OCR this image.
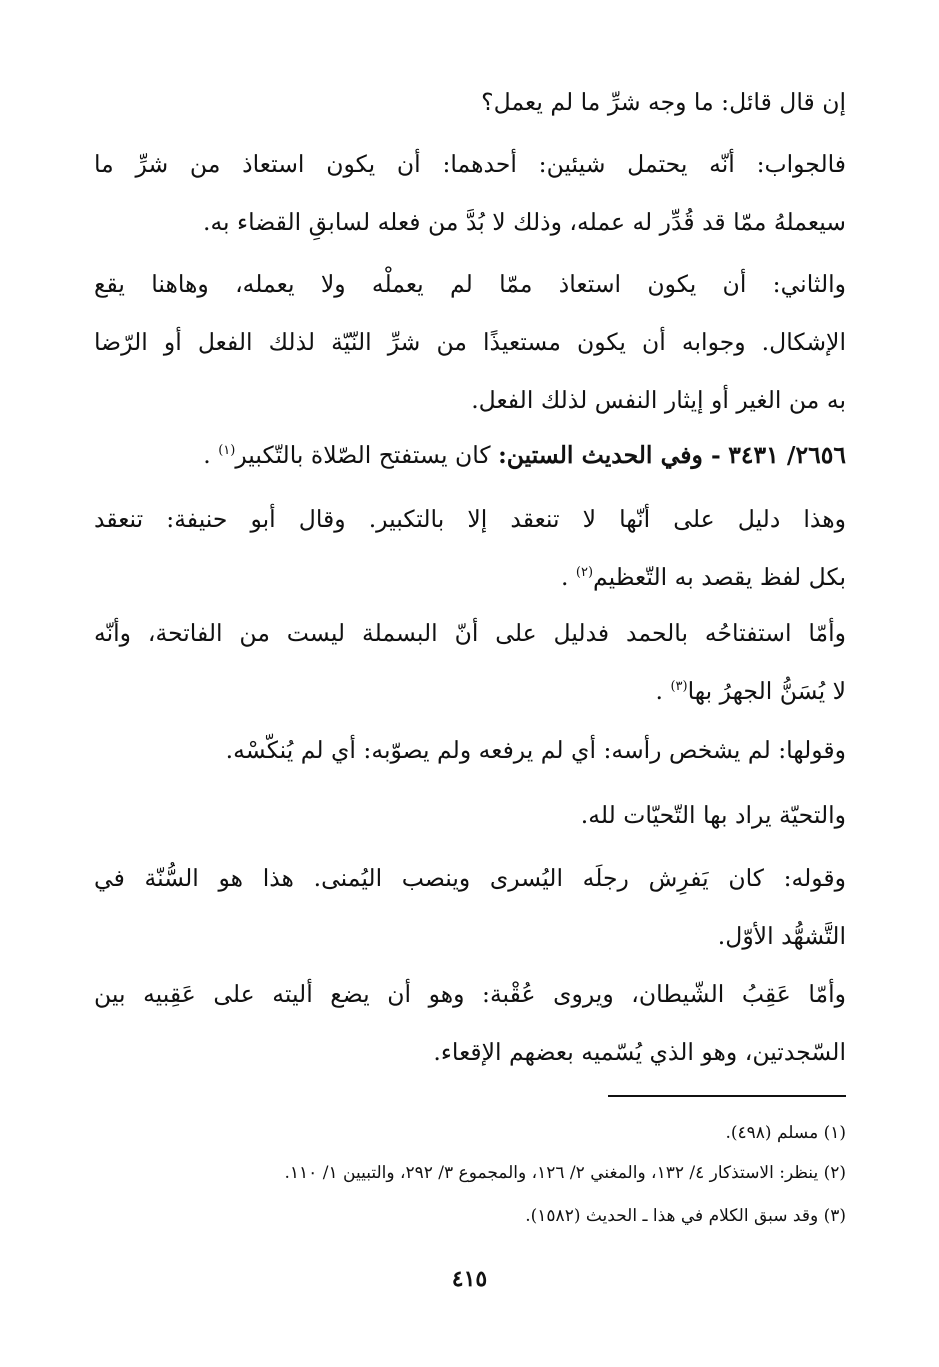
إن قال قائل: ما وجه شرِّ ما لم يعمل؟

فالجواب: أنّه يحتمل شيئين: أحدهما: أن يكون استعاذ من شرِّ ما
سيعملهُ ممّا قد قُدِّر له عمله، وذلك لا بُدَّ من فعله لسابقِ القضاء به.

والثاني: أن يكون استعاذ ممّا لم يعملْه ولا يعمله، وهاهنا يقع
الإشكال. وجوابه أن يكون مستعيذًا من شرِّ النّيّة لذلك الفعل أو الرّضا
به من الغير أو إيثار النفس لذلك الفعل.

٢٦٥٦/ ٣٤٣١ - وفي الحديث الستين: كان يستفتح الصّلاة بالتّكبير$^{(١)}$ .

وهذا دليل على أنّها لا تنعقد إلا بالتكبير. وقال أبو حنيفة: تنعقد
بكل لفظ يقصد به التّعظيم$^{(٢)}$ .

وأمّا استفتاحُه بالحمد فدليل على أنّ البسملة ليست من الفاتحة، وأنّه
لا يُسَنُّ الجهرُ بها$^{(٣)}$ .

وقولها: لم يشخص رأسه: أي لم يرفعه ولم يصوّبه: أي لم يُنكّسْه.

والتحيّة يراد بها التّحيّات لله.

وقوله: كان يَفرِش رجلَه اليُسرى وينصب اليُمنى. هذا هو السُّنّة في
التَّشهُّد الأوّل.

وأمّا عَقِبُ الشّيطان، ويروى عُقْبة: وهو أن يضع أليته على عَقِبيه بين
السّجدتين، وهو الذي يُسّميه بعضهم الإقعاء.

(١) مسلم (٤٩٨).
(٢) ينظر: الاستذكار ٤/ ١٣٢، والمغني ٢/ ١٢٦، والمجموع ٣/ ٢٩٢، والتبيين ١/ ١١٠.
(٣) وقد سبق الكلام في هذا ـ الحديث (١٥٨٢).
٤١٥
